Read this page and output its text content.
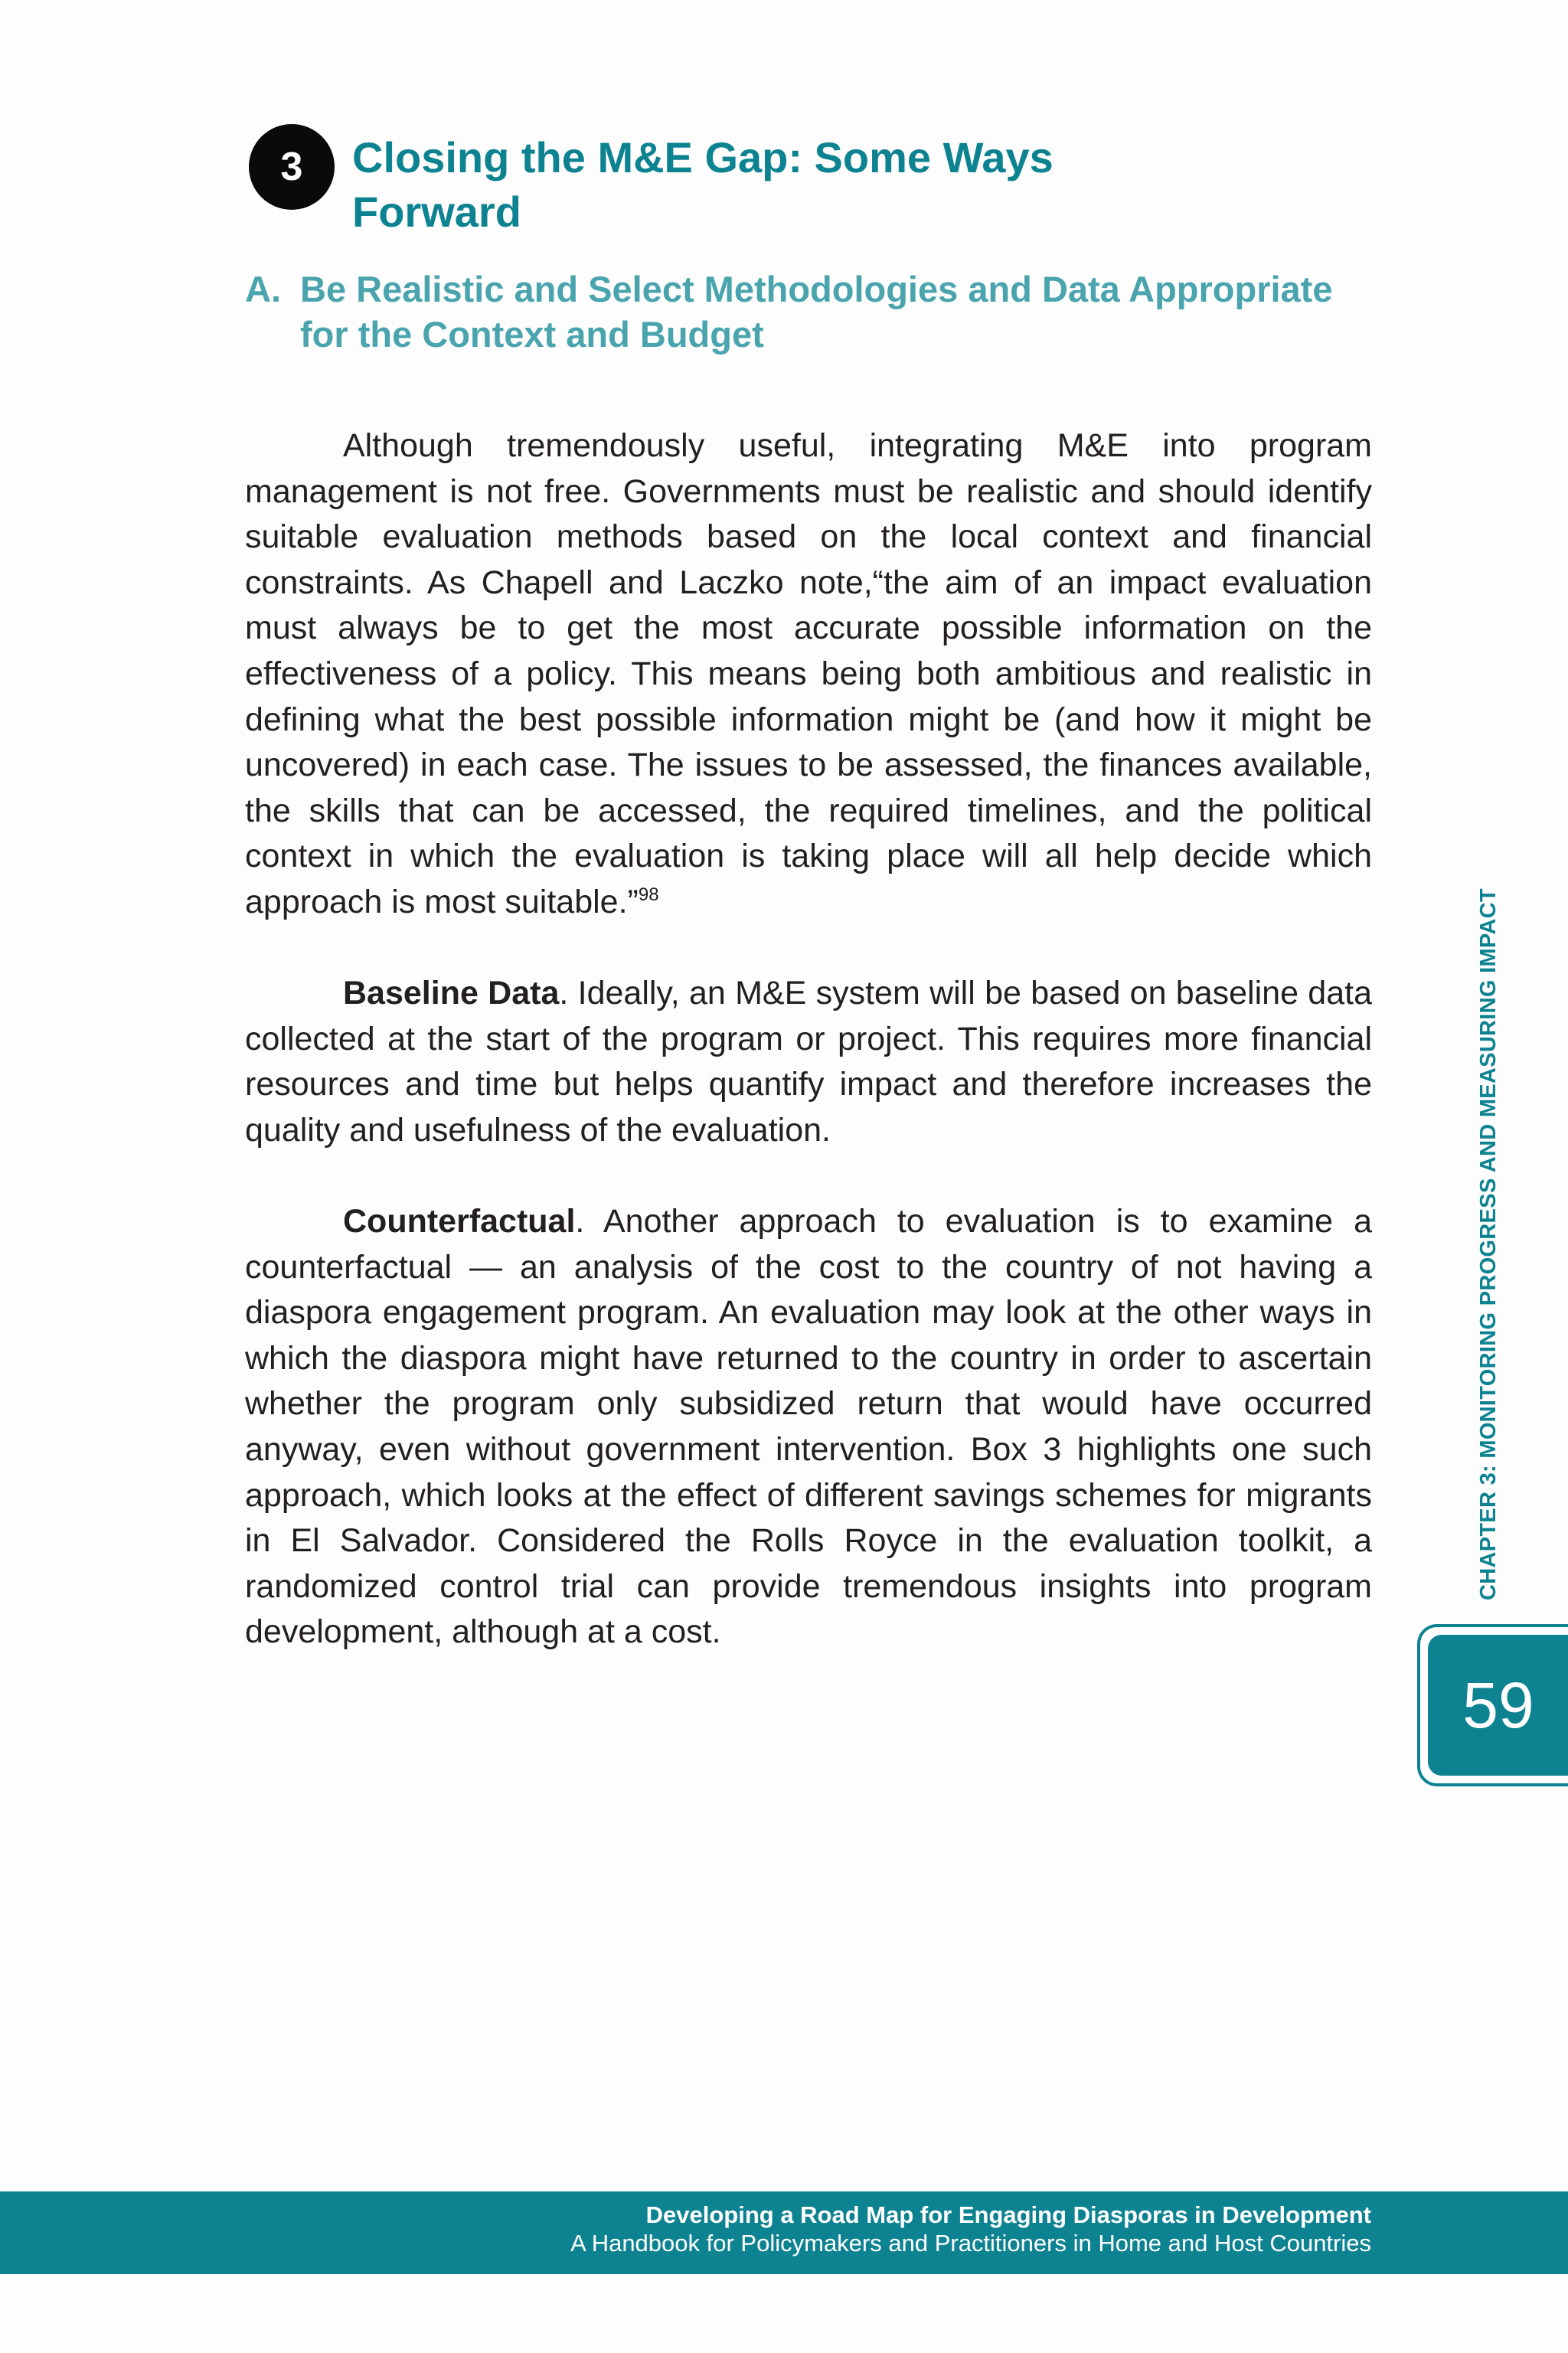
3	Closing the M&E Gap: Some Ways Forward
A. Be Realistic and Select Methodologies and Data Appropriate for the Context and Budget

Although tremendously useful, integrating M&E into program management is not free. Governments must be realistic and should identify suitable evaluation methods based on the local context and financial constraints. As Chapell and Laczko note,“the aim of an impact evaluation must always be to get the most accurate possible information on the effectiveness of a policy. This means being both ambitious and realistic in defining what the best possible information might be (and how it might be uncovered) in each case. The issues to be assessed, the finances available, the skills that can be accessed, the required timelines, and the political context in which the evaluation is taking place will all help decide which approach is most suitable.”$^{98}$

Baseline Data. Ideally, an M&E system will be based on baseline data collected at the start of the program or project. This requires more financial resources and time but helps quantify impact and therefore increases the quality and usefulness of the evaluation.

Counterfactual. Another approach to evaluation is to examine a counterfactual — an analysis of the cost to the country of not having a diaspora engagement program. An evaluation may look at the other ways in which the diaspora might have returned to the country in order to ascertain whether the program only subsidized return that would have occurred anyway, even without government intervention. Box 3 highlights one such approach, which looks at the effect of different savings schemes for migrants in El Salvador. Considered the Rolls Royce in the evaluation toolkit, a randomized control trial can provide tremendous insights into program development, although at a cost.

CHAPTER 3: MONITORING PROGRESS AND MEASURING IMPACT
59

Developing a Road Map for Engaging Diasporas in Development

A Handbook for Policymakers and Practitioners in Home and Host Countries
